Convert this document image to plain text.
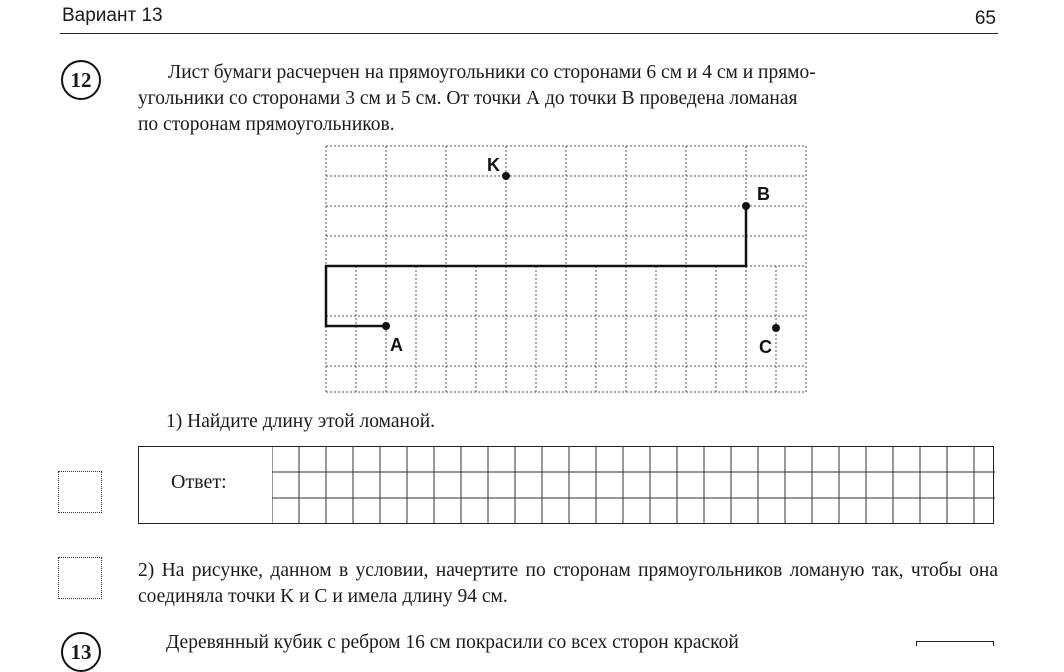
Вариант 13	65
12	Лист бумаги расчерчен на прямоугольники со сторонами 6 см и 4 см и прямо-
угольники со сторонами 3 см и 5 см. От точки А до точки В проведена ломаная
по сторонам прямоугольников.
K
B
A	C
1) Найдите длину этой ломаной.
Ответ:
2) На рисунке, данном в условии, начертите по сторонам прямоугольников ломаную так, чтобы она соединяла точки K и С и имела длину 94 см.
13	Деревянный кубик с ребром 16 см покрасили со всех сторон краской
